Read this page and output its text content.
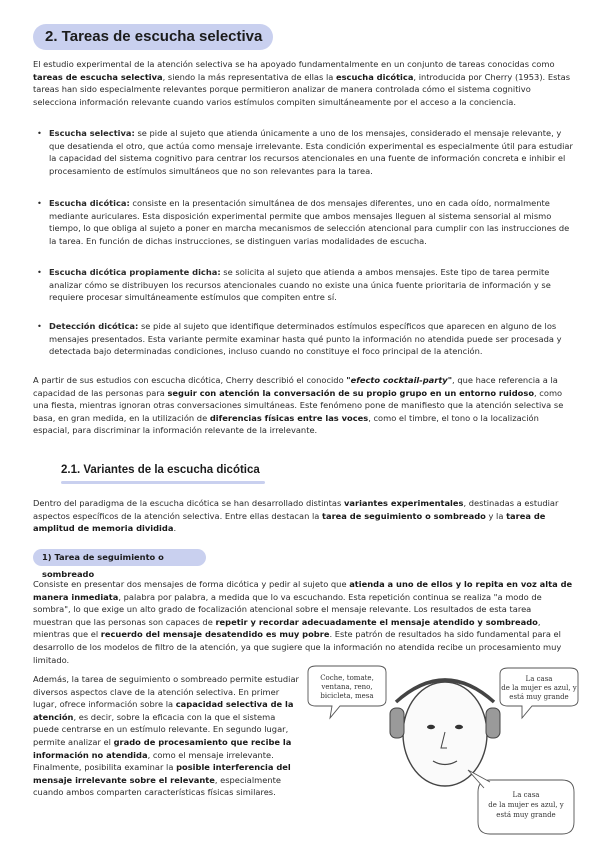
2. Tareas de escucha selectiva

El estudio experimental de la atención selectiva se ha apoyado fundamentalmente en un conjunto de tareas conocidas como tareas de escucha selectiva, siendo la más representativa de ellas la escucha dicótica, introducida por Cherry (1953). Estas tareas han sido especialmente relevantes porque permitieron analizar de manera controlada cómo el sistema cognitivo selecciona información relevante cuando varios estímulos compiten simultáneamente por el acceso a la conciencia.

• Escucha selectiva: se pide al sujeto que atienda únicamente a uno de los mensajes, considerado el mensaje relevante, y que desatienda el otro, que actúa como mensaje irrelevante. Esta condición experimental es especialmente útil para estudiar la capacidad del sistema cognitivo para centrar los recursos atencionales en una fuente de información concreta e inhibir el procesamiento de estímulos simultáneos que no son relevantes para la tarea.
• Escucha dicótica: consiste en la presentación simultánea de dos mensajes diferentes, uno en cada oído, normalmente mediante auriculares. Esta disposición experimental permite que ambos mensajes lleguen al sistema sensorial al mismo tiempo, lo que obliga al sujeto a poner en marcha mecanismos de selección atencional para cumplir con las instrucciones de la tarea. En función de dichas instrucciones, se distinguen varias modalidades de escucha.
• Escucha dicótica propiamente dicha: se solicita al sujeto que atienda a ambos mensajes. Este tipo de tarea permite analizar cómo se distribuyen los recursos atencionales cuando no existe una única fuente prioritaria de información y se requiere procesar simultáneamente estímulos que compiten entre sí.
• Detección dicótica: se pide al sujeto que identifique determinados estímulos específicos que aparecen en alguno de los mensajes presentados. Esta variante permite examinar hasta qué punto la información no atendida puede ser procesada y detectada bajo determinadas condiciones, incluso cuando no constituye el foco principal de la atención.

A partir de sus estudios con escucha dicótica, Cherry describió el conocido "efecto cocktail-party", que hace referencia a la capacidad de las personas para seguir con atención la conversación de su propio grupo en un entorno ruidoso, como una fiesta, mientras ignoran otras conversaciones simultáneas. Este fenómeno pone de manifiesto que la atención selectiva se basa, en gran medida, en la utilización de diferencias físicas entre las voces, como el timbre, el tono o la localización espacial, para discriminar la información relevante de la irrelevante.

2.1. Variantes de la escucha dicótica

Dentro del paradigma de la escucha dicótica se han desarrollado distintas variantes experimentales, destinadas a estudiar aspectos específicos de la atención selectiva. Entre ellas destacan la tarea de seguimiento o sombreado y la tarea de amplitud de memoria dividida.

1) Tarea de seguimiento o sombreado

Consiste en presentar dos mensajes de forma dicótica y pedir al sujeto que atienda a uno de ellos y lo repita en voz alta de manera inmediata, palabra por palabra, a medida que lo va escuchando. Esta repetición continua se realiza "a modo de sombra", lo que exige un alto grado de focalización atencional sobre el mensaje relevante. Los resultados de esta tarea muestran que las personas son capaces de repetir y recordar adecuadamente el mensaje atendido y sombreado, mientras que el recuerdo del mensaje desatendido es muy pobre. Este patrón de resultados ha sido fundamental para el desarrollo de los modelos de filtro de la atención, ya que sugiere que la información no atendida recibe un procesamiento muy limitado.

Además, la tarea de seguimiento o sombreado permite estudiar diversos aspectos clave de la atención selectiva. En primer lugar, ofrece información sobre la capacidad selectiva de la atención, es decir, sobre la eficacia con la que el sistema puede centrarse en un estímulo relevante. En segundo lugar, permite analizar el grado de procesamiento que recibe la información no atendida, como el mensaje irrelevante. Finalmente, posibilita examinar la posible interferencia del mensaje irrelevante sobre el relevante, especialmente cuando ambos comparten características físicas similares.

Coche, tomate,
ventana, reno,
bicicleta, mesa
La casa
de la mujer es azul, y
está muy grande
La casa
de la mujer es azul, y
está muy grande
